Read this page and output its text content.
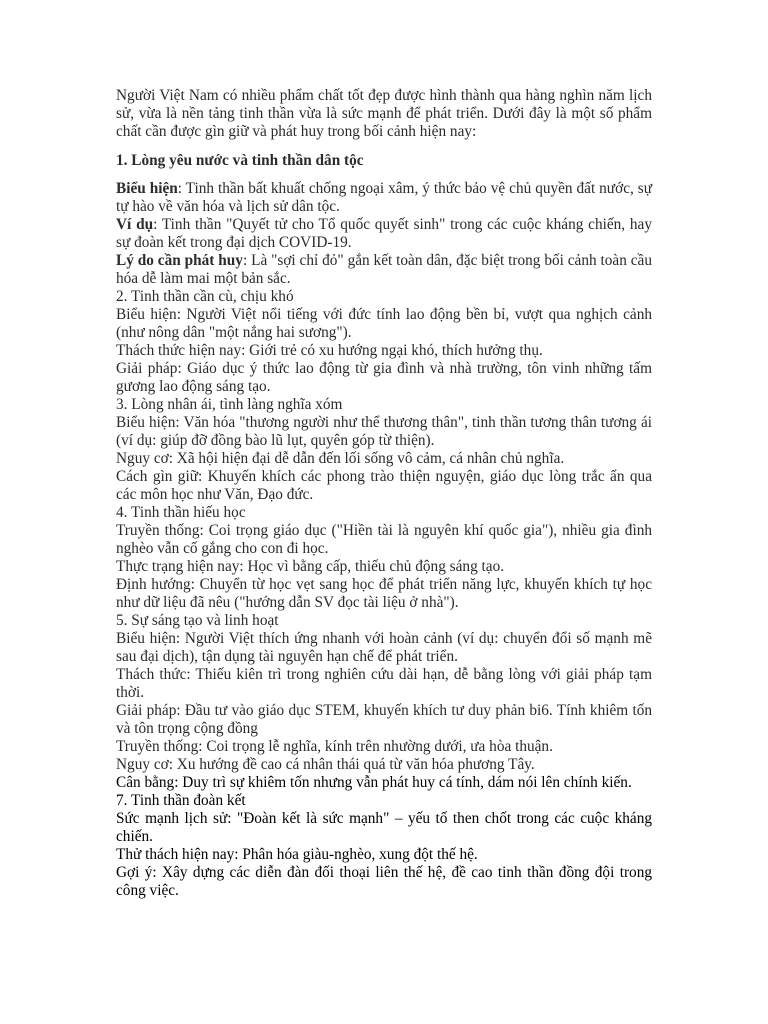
Người Việt Nam có nhiều phẩm chất tốt đẹp được hình thành qua hàng nghìn năm lịch sử, vừa là nền tảng tinh thần vừa là sức mạnh để phát triển. Dưới đây là một số phẩm chất cần được gìn giữ và phát huy trong bối cảnh hiện nay:

1. Lòng yêu nước và tinh thần dân tộc

Biểu hiện: Tinh thần bất khuất chống ngoại xâm, ý thức bảo vệ chủ quyền đất nước, sự tự hào về văn hóa và lịch sử dân tộc.

Ví dụ: Tinh thần "Quyết tử cho Tổ quốc quyết sinh" trong các cuộc kháng chiến, hay sự đoàn kết trong đại dịch COVID-19.

Lý do cần phát huy: Là "sợi chỉ đỏ" gắn kết toàn dân, đặc biệt trong bối cảnh toàn cầu hóa dễ làm mai một bản sắc.

2. Tinh thần cần cù, chịu khó

Biểu hiện: Người Việt nổi tiếng với đức tính lao động bền bỉ, vượt qua nghịch cảnh (như nông dân "một nắng hai sương").

Thách thức hiện nay: Giới trẻ có xu hướng ngại khó, thích hưởng thụ.

Giải pháp: Giáo dục ý thức lao động từ gia đình và nhà trường, tôn vinh những tấm gương lao động sáng tạo.

3. Lòng nhân ái, tình làng nghĩa xóm

Biểu hiện: Văn hóa "thương người như thể thương thân", tinh thần tương thân tương ái (ví dụ: giúp đỡ đồng bào lũ lụt, quyên góp từ thiện).

Nguy cơ: Xã hội hiện đại dễ dẫn đến lối sống vô cảm, cá nhân chủ nghĩa.

Cách gìn giữ: Khuyến khích các phong trào thiện nguyện, giáo dục lòng trắc ẩn qua các môn học như Văn, Đạo đức.

4. Tinh thần hiếu học

Truyền thống: Coi trọng giáo dục ("Hiền tài là nguyên khí quốc gia"), nhiều gia đình nghèo vẫn cố gắng cho con đi học.

Thực trạng hiện nay: Học vì bằng cấp, thiếu chủ động sáng tạo.

Định hướng: Chuyển từ học vẹt sang học để phát triển năng lực, khuyến khích tự học như dữ liệu đã nêu ("hướng dẫn SV đọc tài liệu ở nhà").

5. Sự sáng tạo và linh hoạt

Biểu hiện: Người Việt thích ứng nhanh với hoàn cảnh (ví dụ: chuyển đổi số mạnh mẽ sau đại dịch), tận dụng tài nguyên hạn chế để phát triển.

Thách thức: Thiếu kiên trì trong nghiên cứu dài hạn, dễ bằng lòng với giải pháp tạm thời.

Giải pháp: Đầu tư vào giáo dục STEM, khuyến khích tư duy phản bi6. Tính khiêm tốn và tôn trọng cộng đồng

Truyền thống: Coi trọng lễ nghĩa, kính trên nhường dưới, ưa hòa thuận.

Nguy cơ: Xu hướng đề cao cá nhân thái quá từ văn hóa phương Tây.

Cân bằng: Duy trì sự khiêm tốn nhưng vẫn phát huy cá tính, dám nói lên chính kiến.

7. Tinh thần đoàn kết

Sức mạnh lịch sử: "Đoàn kết là sức mạnh" – yếu tố then chốt trong các cuộc kháng chiến.

Thử thách hiện nay: Phân hóa giàu-nghèo, xung đột thế hệ.

Gợi ý: Xây dựng các diễn đàn đối thoại liên thế hệ, đề cao tinh thần đồng đội trong công việc.
